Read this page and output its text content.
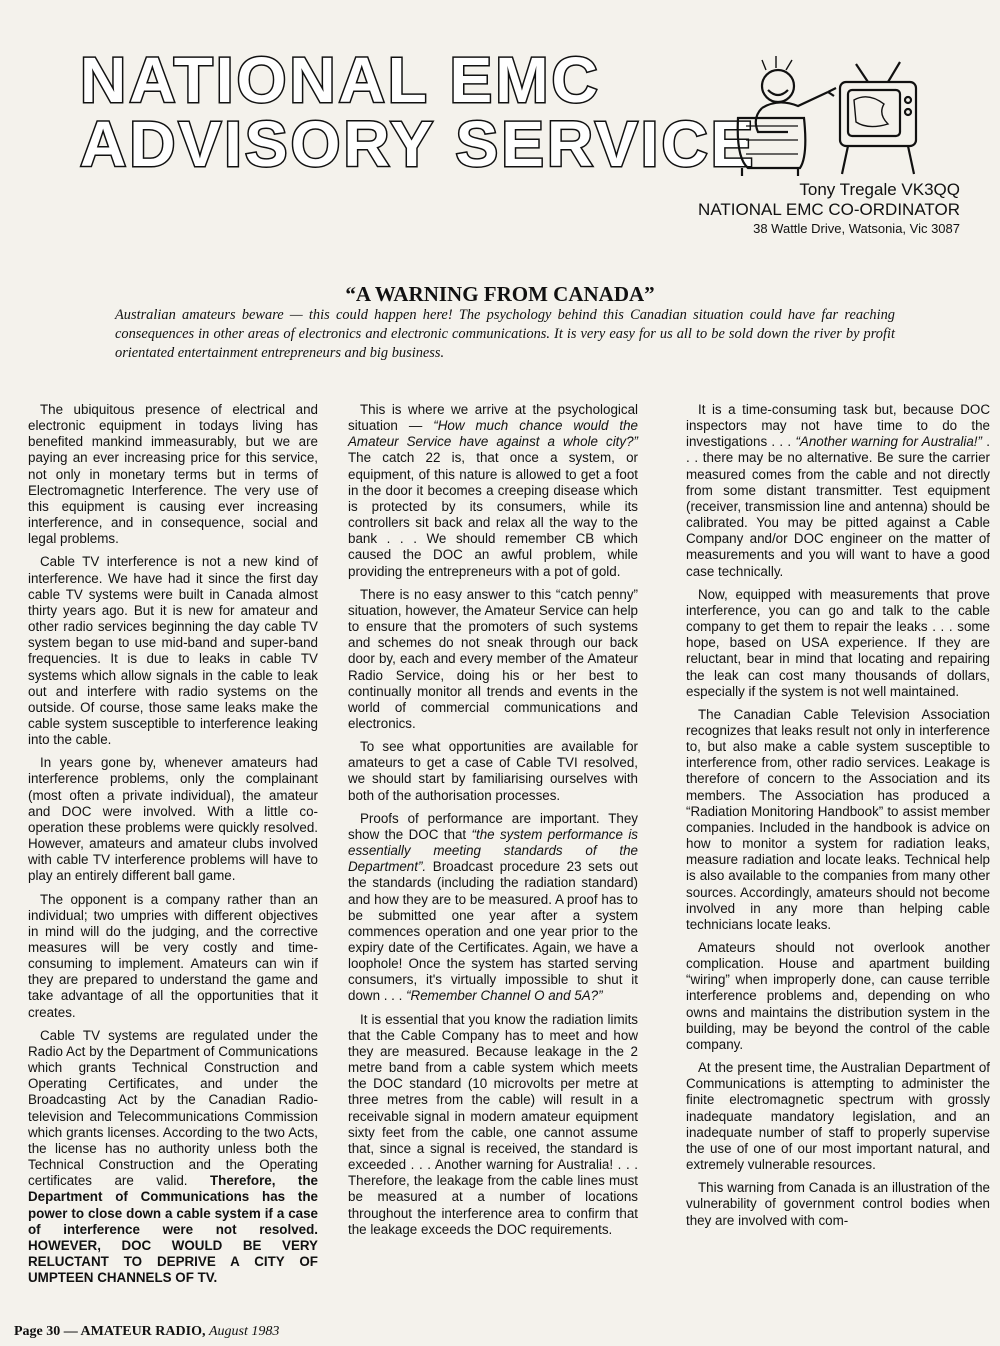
NATIONAL EMC
ADVISORY SERVICE
Tony Tregale VK3QQ
NATIONAL EMC CO-ORDINATOR
38 Wattle Drive, Watsonia, Vic 3087
“A WARNING FROM CANADA”
Australian amateurs beware — this could happen here! The psychology behind this Canadian situation could have far reaching consequences in other areas of electronics and electronic communications. It is very easy for us all to be sold down the river by profit orientated entertainment entrepreneurs and big business.

The ubiquitous presence of electrical and electronic equipment in todays living has benefited mankind immeasurably, but we are paying an ever increasing price for this service, not only in monetary terms but in terms of Electromagnetic Interference. The very use of this equipment is causing ever increasing interference, and in consequence, social and legal problems.

Cable TV interference is not a new kind of interference. We have had it since the first day cable TV systems were built in Canada almost thirty years ago. But it is new for amateur and other radio services beginning the day cable TV system began to use mid-band and super-band frequencies. It is due to leaks in cable TV systems which allow signals in the cable to leak out and interfere with radio systems on the outside. Of course, those same leaks make the cable system susceptible to interference leaking into the cable.

In years gone by, whenever amateurs had interference problems, only the complainant (most often a private individual), the amateur and DOC were involved. With a little co-operation these problems were quickly resolved. However, amateurs and amateur clubs involved with cable TV interference problems will have to play an entirely different ball game.

The opponent is a company rather than an individual; two umpries with different objectives in mind will do the judging, and the corrective measures will be very costly and time-consuming to implement. Amateurs can win if they are prepared to understand the game and take advantage of all the opportunities that it creates.

Cable TV systems are regulated under the Radio Act by the Department of Communications which grants Technical Construction and Operating Certificates, and under the Broadcasting Act by the Canadian Radio-television and Telecommunications Commission which grants licenses. According to the two Acts, the license has no authority unless both the Technical Construction and the Operating certificates are valid. Therefore, the Department of Communications has the power to close down a cable system if a case of interference were not resolved. HOWEVER, DOC WOULD BE VERY RELUCTANT TO DEPRIVE A CITY OF UMPTEEN CHANNELS OF TV.

This is where we arrive at the psychological situation — “How much chance would the Amateur Service have against a whole city?” The catch 22 is, that once a system, or equipment, of this nature is allowed to get a foot in the door it becomes a creeping disease which is protected by its consumers, while its controllers sit back and relax all the way to the bank . . . We should remember CB which caused the DOC an awful problem, while providing the entrepreneurs with a pot of gold.

There is no easy answer to this “catch penny” situation, however, the Amateur Service can help to ensure that the promoters of such systems and schemes do not sneak through our back door by, each and every member of the Amateur Radio Service, doing his or her best to continually monitor all trends and events in the world of commercial communications and electronics.

To see what opportunities are available for amateurs to get a case of Cable TVI resolved, we should start by familiarising ourselves with both of the authorisation processes.

Proofs of performance are important. They show the DOC that “the system performance is essentially meeting standards of the Department”. Broadcast procedure 23 sets out the standards (including the radiation standard) and how they are to be measured. A proof has to be submitted one year after a system commences operation and one year prior to the expiry date of the Certificates. Again, we have a loophole! Once the system has started serving consumers, it's virtually impossible to shut it down . . . “Remember Channel O and 5A?”

It is essential that you know the radiation limits that the Cable Company has to meet and how they are measured. Because leakage in the 2 metre band from a cable system which meets the DOC standard (10 microvolts per metre at three metres from the cable) will result in a receivable signal in modern amateur equipment sixty feet from the cable, one cannot assume that, since a signal is received, the standard is exceeded . . . Another warning for Australia! . . . Therefore, the leakage from the cable lines must be measured at a number of locations throughout the interference area to confirm that the leakage exceeds the DOC requirements.

It is a time-consuming task but, because DOC inspectors may not have time to do the investigations . . . “Another warning for Australia!” . . . there may be no alternative. Be sure the carrier measured comes from the cable and not directly from some distant transmitter. Test equipment (receiver, transmission line and antenna) should be calibrated. You may be pitted against a Cable Company and/or DOC engineer on the matter of measurements and you will want to have a good case technically.

Now, equipped with measurements that prove interference, you can go and talk to the cable company to get them to repair the leaks . . . some hope, based on USA experience. If they are reluctant, bear in mind that locating and repairing the leak can cost many thousands of dollars, especially if the system is not well maintained.

The Canadian Cable Television Association recognizes that leaks result not only in interference to, but also make a cable system susceptible to interference from, other radio services. Leakage is therefore of concern to the Association and its members. The Association has produced a “Radiation Monitoring Handbook” to assist member companies. Included in the handbook is advice on how to monitor a system for radiation leaks, measure radiation and locate leaks. Technical help is also available to the companies from many other sources. Accordingly, amateurs should not become involved in any more than helping cable technicians locate leaks.

Amateurs should not overlook another complication. House and apartment building “wiring” when improperly done, can cause terrible interference problems and, depending on who owns and maintains the distribution system in the building, may be beyond the control of the cable company.

At the present time, the Australian Department of Communications is attempting to administer the finite electromagnetic spectrum with grossly inadequate mandatory legislation, and an inadequate number of staff to properly supervise the use of one of our most important natural, and extremely vulnerable resources.

This warning from Canada is an illustration of the vulnerability of government control bodies when they are involved with com-

Page 30 — AMATEUR RADIO, August 1983
